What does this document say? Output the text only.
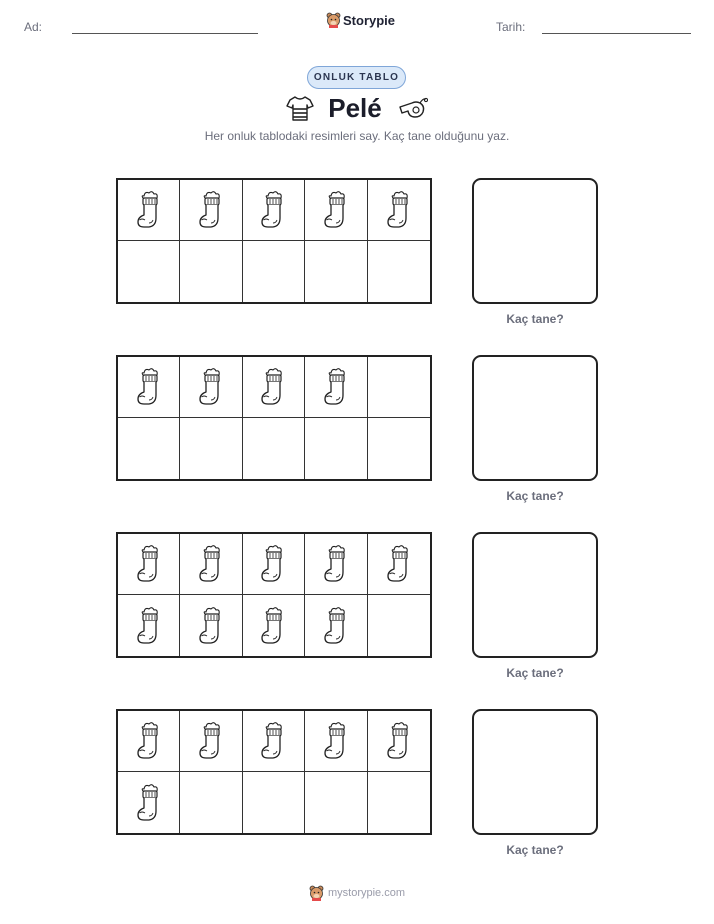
Ad:	Storypie	Tarih:
ONLUK TABLO
Pelé
Her onluk tablodaki resimleri say. Kaç tane olduğunu yaz.
Kaç tane?
Kaç tane?
Kaç tane?
Kaç tane?
mystorypie.com
